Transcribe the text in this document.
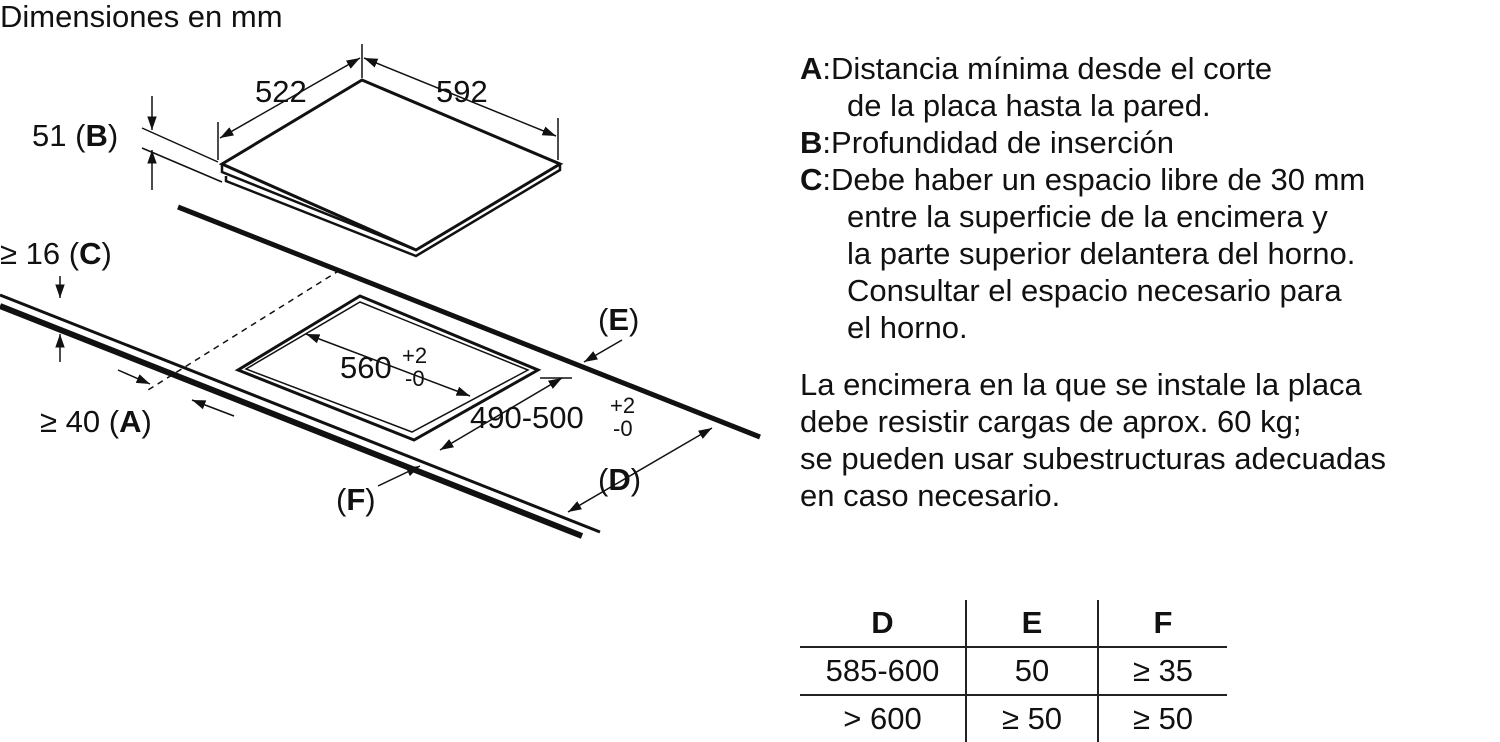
Dimensiones en mm
522	592
51 (B)
560 +2
-0
490-500 +2
-0
≥ 16 (C)
≥ 40 (A)
(D)
(E)
(F)
A : Distancia mínima desde el corte
de la placa hasta la pared.
B : Profundidad de inserción
C : Debe haber un espacio libre de 30 mm
entre la superficie de la encimera y
la parte superior delantera del horno.
Consultar el espacio necesario para
el horno.
La encimera en la que se instale la placa
debe resistir cargas de aprox. 60 kg;
se pueden usar subestructuras adecuadas
en caso necesario.
D	E	F
585-600	50	≥ 35
> 600	≥ 50	≥ 50
